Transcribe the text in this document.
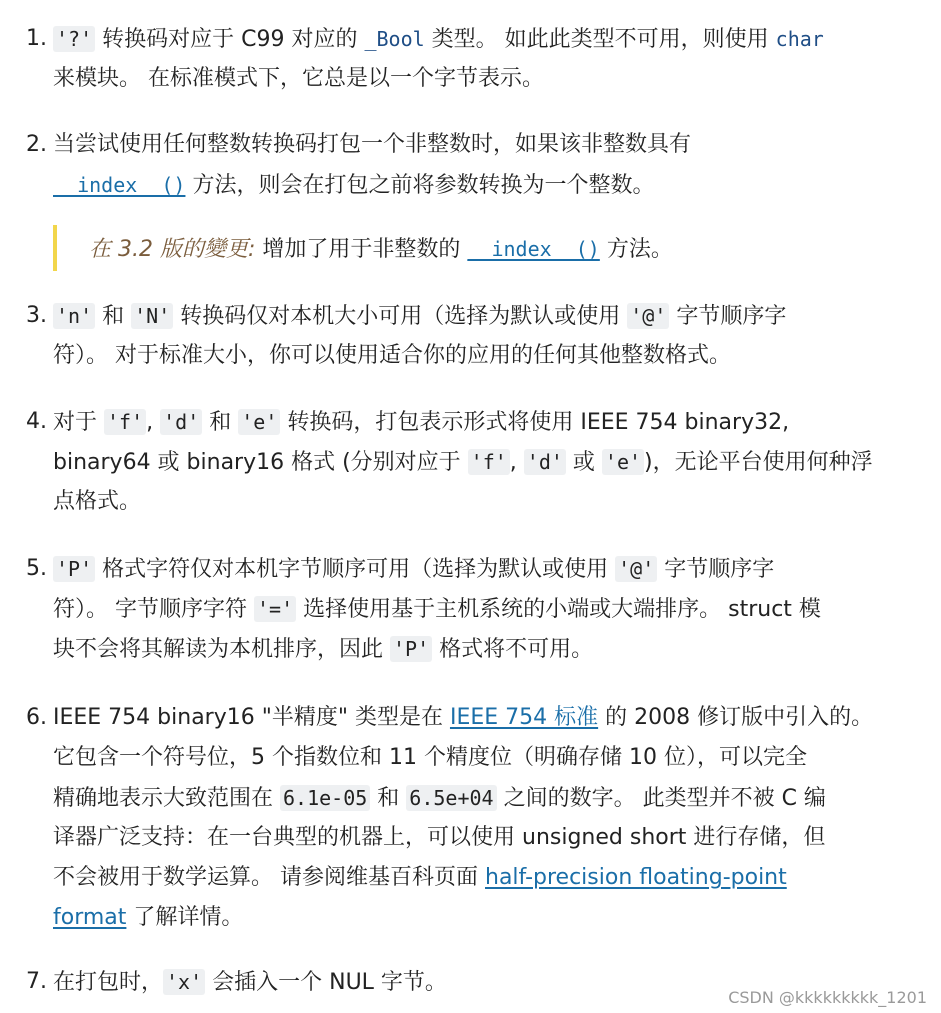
1. '?' 转换码对应于 C99 对应的 _Bool 类型。 如此此类型不可用，则使用 char
来模块。 在标准模式下，它总是以一个字节表示。
2. 当尝试使用任何整数转换码打包一个非整数时，如果该非整数具有
__index__() 方法，则会在打包之前将参数转换为一个整数。
3. 'n' 和 'N' 转换码仅对本机大小可用（选择为默认或使用 '@' 字节顺序字
符）。 对于标准大小，你可以使用适合你的应用的任何其他整数格式。
4. 对于 'f' , 'd' 和 'e' 转换码，打包表示形式将使用 IEEE 754 binary32,
binary64 或 binary16 格式 (分别对应于 'f' , 'd' 或 'e' )，无论平台使用何种浮
点格式。
5. 'P' 格式字符仅对本机字节顺序可用（选择为默认或使用 '@' 字节顺序字
符）。 字节顺序字符 '=' 选择使用基于主机系统的小端或大端排序。 struct 模
块不会将其解读为本机排序，因此 'P' 格式将不可用。
6. IEEE 754 binary16 "半精度" 类型是在 IEEE 754 标准 的 2008 修订版中引入的。
它包含一个符号位，5 个指数位和 11 个精度位（明确存储 10 位），可以完全
精确地表示大致范围在 6.1e-05 和 6.5e+04 之间的数字。 此类型并不被 C 编
译器广泛支持：在一台典型的机器上，可以使用 unsigned short 进行存储，但
不会被用于数学运算。 请参阅维基百科页面 half-precision floating-point
format 了解详情。
7. 在打包时， 'x' 会插入一个 NUL 字节。
在 3.2 版的變更: 增加了用于非整数的 __index__() 方法。
CSDN @kkkkkkkkk_1201
